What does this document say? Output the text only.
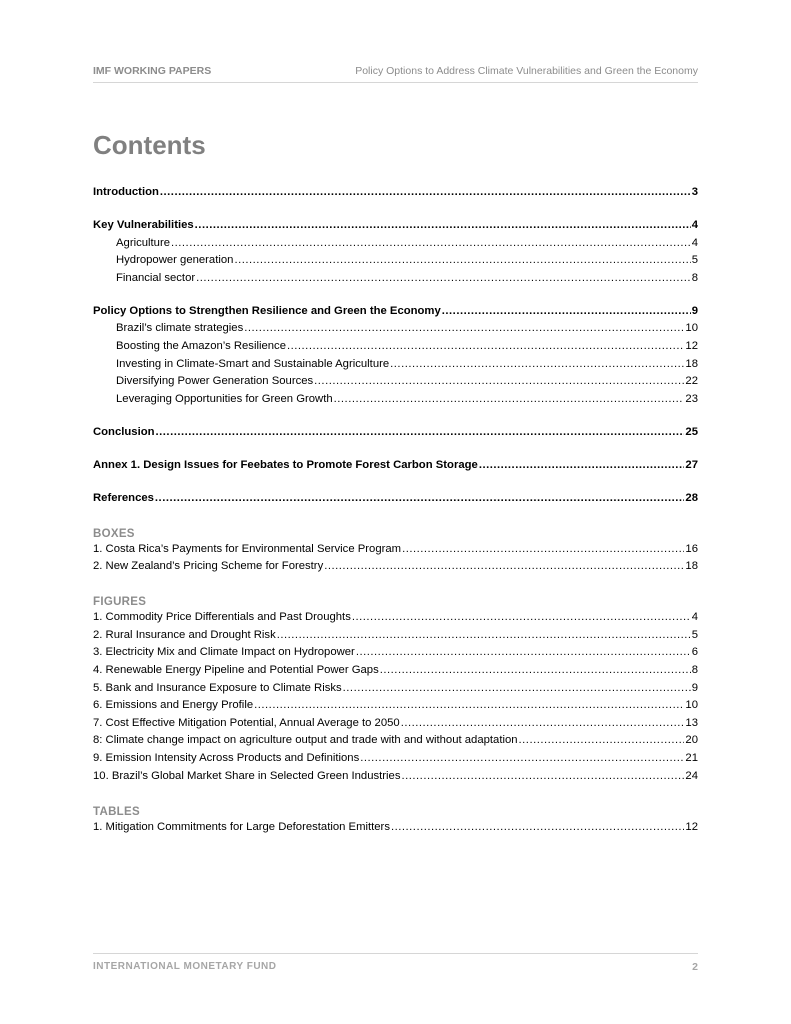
IMF WORKING PAPERS	Policy Options to Address Climate Vulnerabilities and Green the Economy
Contents
Introduction .....	3
Key Vulnerabilities .....	4
Agriculture .....	4
Hydropower generation .....	5
Financial sector .....	8
Policy Options to Strengthen Resilience and Green the Economy .....	9
Brazil’s climate strategies .....	10
Boosting the Amazon’s Resilience .....	12
Investing in Climate-Smart and Sustainable Agriculture .....	18
Diversifying Power Generation Sources .....	22
Leveraging Opportunities for Green Growth .....	23
Conclusion .....	25
Annex 1. Design Issues for Feebates to Promote Forest Carbon Storage .....	27
References .....	28
BOXES
1. Costa Rica’s Payments for Environmental Service Program .....	16
2. New Zealand’s Pricing Scheme for Forestry .....	18
FIGURES
1. Commodity Price Differentials and Past Droughts .....	4
2. Rural Insurance and Drought Risk .....	5
3. Electricity Mix and Climate Impact on Hydropower .....	6
4. Renewable Energy Pipeline and Potential Power Gaps .....	8
5. Bank and Insurance Exposure to Climate Risks .....	9
6. Emissions and Energy Profile .....	10
7. Cost Effective Mitigation Potential, Annual Average to 2050 .....	13
8: Climate change impact on agriculture output and trade with and without adaptation .....	20
9. Emission Intensity Across Products and Definitions .....	21
10. Brazil’s Global Market Share in Selected Green Industries .....	24
TABLES
1. Mitigation Commitments for Large Deforestation Emitters .....	12
INTERNATIONAL MONETARY FUND	2
